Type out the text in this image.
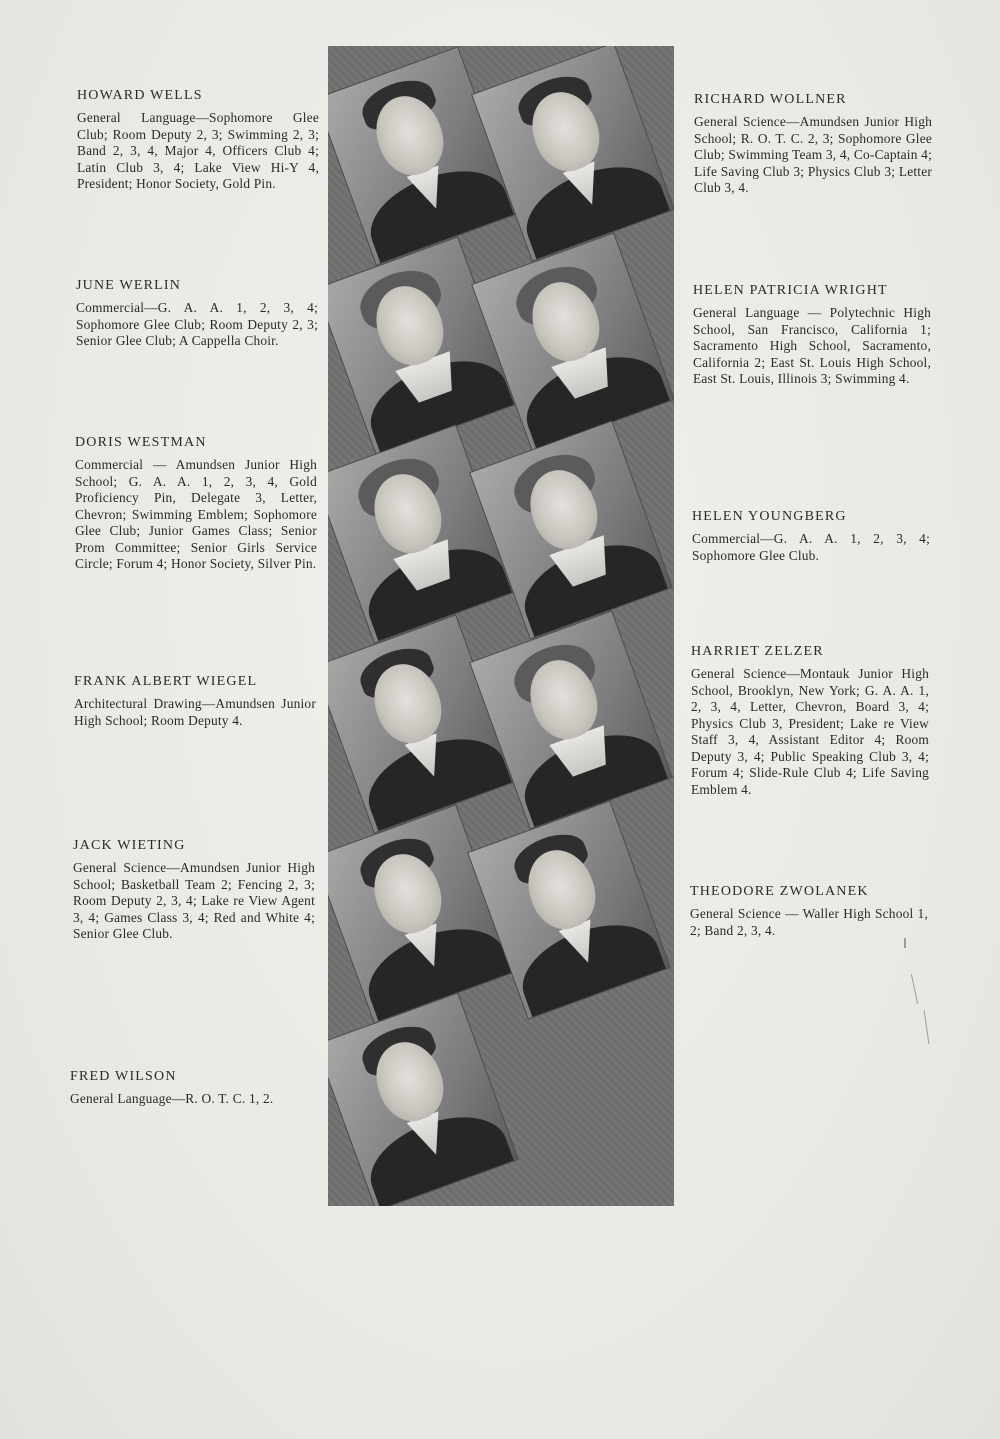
HOWARD WELLS

General Language—Sophomore Glee Club; Room Deputy 2, 3; Swimming 2, 3; Band 2, 3, 4, Major 4, Officers Club 4; Latin Club 3, 4; Lake View Hi-Y 4, President; Honor Society, Gold Pin.

JUNE WERLIN

Commercial—G. A. A. 1, 2, 3, 4; Sophomore Glee Club; Room Deputy 2, 3; Senior Glee Club; A Cappella Choir.

DORIS WESTMAN

Commercial — Amundsen Junior High School; G. A. A. 1, 2, 3, 4, Gold Proficiency Pin, Delegate 3, Letter, Chevron; Swimming Emblem; Sophomore Glee Club; Junior Games Class; Senior Prom Committee; Senior Girls Service Circle; Forum 4; Honor Society, Silver Pin.

FRANK ALBERT WIEGEL

Architectural Drawing—Amundsen Junior High School; Room Deputy 4.

JACK WIETING

General Science—Amundsen Junior High School; Basketball Team 2; Fencing 2, 3; Room Deputy 2, 3, 4; Lake re View Agent 3, 4; Games Class 3, 4; Red and White 4; Senior Glee Club.

FRED WILSON

General Language—R. O. T. C. 1, 2.

RICHARD WOLLNER

General Science—Amundsen Junior High School; R. O. T. C. 2, 3; Sophomore Glee Club; Swimming Team 3, 4, Co-Captain 4; Life Saving Club 3; Physics Club 3; Letter Club 3, 4.

HELEN PATRICIA WRIGHT

General Language — Polytechnic High School, San Francisco, California 1; Sacramento High School, Sacramento, California 2; East St. Louis High School, East St. Louis, Illinois 3; Swimming 4.

HELEN YOUNGBERG

Commercial—G. A. A. 1, 2, 3, 4; Sophomore Glee Club.

HARRIET ZELZER

General Science—Montauk Junior High School, Brooklyn, New York; G. A. A. 1, 2, 3, 4, Letter, Chevron, Board 3, 4; Physics Club 3, President; Lake re View Staff 3, 4, Assistant Editor 4; Room Deputy 3, 4; Public Speaking Club 3, 4; Forum 4; Slide-Rule Club 4; Life Saving Emblem 4.

THEODORE ZWOLANEK

General Science — Waller High School 1, 2; Band 2, 3, 4.
